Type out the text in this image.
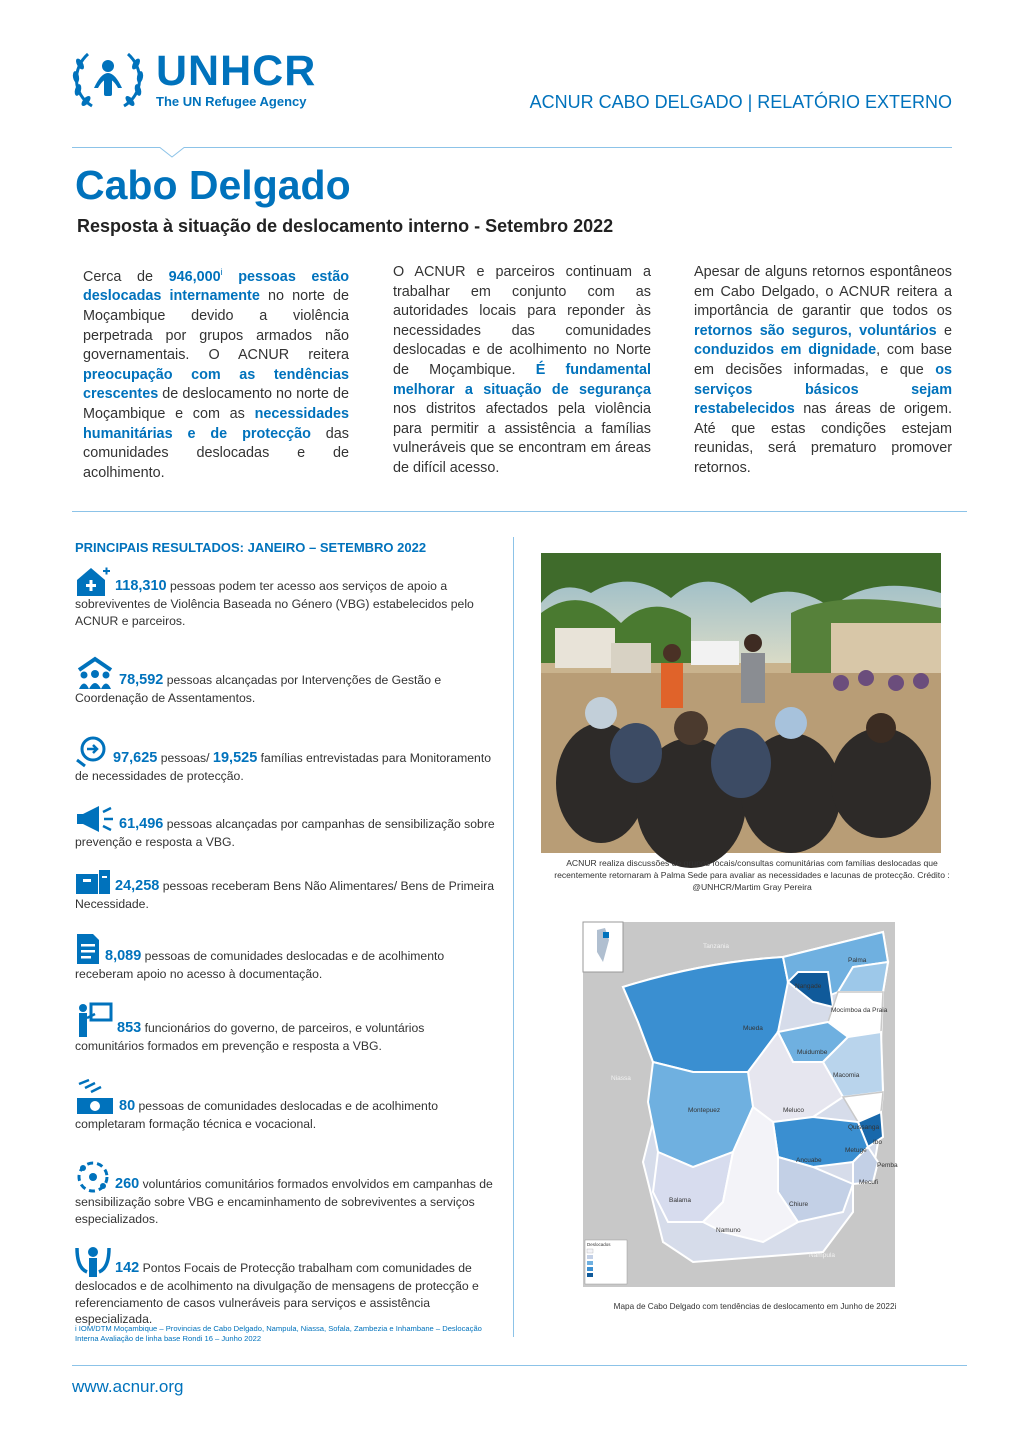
UNHCR
The UN Refugee Agency	ACNUR CABO DELGADO | RELATÓRIO EXTERNO
Cabo Delgado
Resposta à situação de deslocamento interno - Setembro 2022
Cerca de 946,000$^i$ pessoas estão deslocadas internamente no norte de Moçambique devido a violência perpetrada por grupos armados não governamentais. O ACNUR reitera preocupação com as tendências crescentes de deslocamento no norte de Moçambique e com as necessidades humanitárias e de protecção das comunidades deslocadas e de acolhimento.
O ACNUR e parceiros continuam a trabalhar em conjunto com as autoridades locais para reponder às necessidades das comunidades deslocadas e de acolhimento no Norte de Moçambique. É fundamental melhorar a situação de segurança nos distritos afectados pela violência para permitir a assistência a famílias vulneráveis que se encontram em áreas de difícil acesso.
Apesar de alguns retornos espontâneos em Cabo Delgado, o ACNUR reitera a importância de garantir que todos os retornos são seguros, voluntários e conduzidos em dignidade, com base em decisões informadas, e que os serviços básicos sejam restabelecidos nas áreas de origem. Até que estas condições estejam reunidas, será prematuro promover retornos.
PRINCIPAIS RESULTADOS: JANEIRO – SETEMBRO 2022
118,310 pessoas podem ter acesso aos serviços de apoio a sobreviventes de Violência Baseada no Género (VBG) estabelecidos pelo ACNUR e parceiros.
78,592 pessoas alcançadas por Intervenções de Gestão e Coordenação de Assentamentos.
97,625 pessoas/ 19,525 famílias entrevistadas para Monitoramento de necessidades de protecção.
61,496 pessoas alcançadas por campanhas de sensibilização sobre prevenção e resposta a VBG.
24,258 pessoas receberam Bens Não Alimentares/ Bens de Primeira Necessidade.
8,089 pessoas de comunidades deslocadas e de acolhimento receberam apoio no acesso à documentação.
853 funcionários do governo, de parceiros, e voluntários comunitários formados em prevenção e resposta a VBG.
80 pessoas de comunidades deslocadas e de acolhimento completaram formação técnica e vocacional.
260 voluntários comunitários formados envolvidos em campanhas de sensibilização sobre VBG e encaminhamento de sobreviventes a serviços especializados.
142 Pontos Focais de Protecção trabalham com comunidades de deslocados e de acolhimento na divulgação de mensagens de protecção e referenciamento de casos vulneráveis para serviços e assistência especializada.
i IOM/DTM Moçambique – Provincias de Cabo Delgado, Nampula, Niassa, Sofala, Zambezia e Inhambane – Deslocação Interna Avaliação de linha base Rondi 16 – Junho 2022
ACNUR realiza discussões de grupos focais/consultas comunitárias com famílias deslocadas que recentemente retornaram à Palma Sede para avaliar as necessidades e lacunas de protecção. Crédito : @UNHCR/Martim Gray Pereira
Palma
Nangade
Mocímboa da Praia
Mueda
Muidumbe
Macomia
Meluco
Montepuez
Quissanga
Ibo
Metuge
Pemba
Ancuabe
Mecufi
Chiure
Balama
Namuno
Niassa
Nampula
Tanzania
Deslocados
Mapa de Cabo Delgado com tendências de deslocamento em Junho de 2022i
www.acnur.org
